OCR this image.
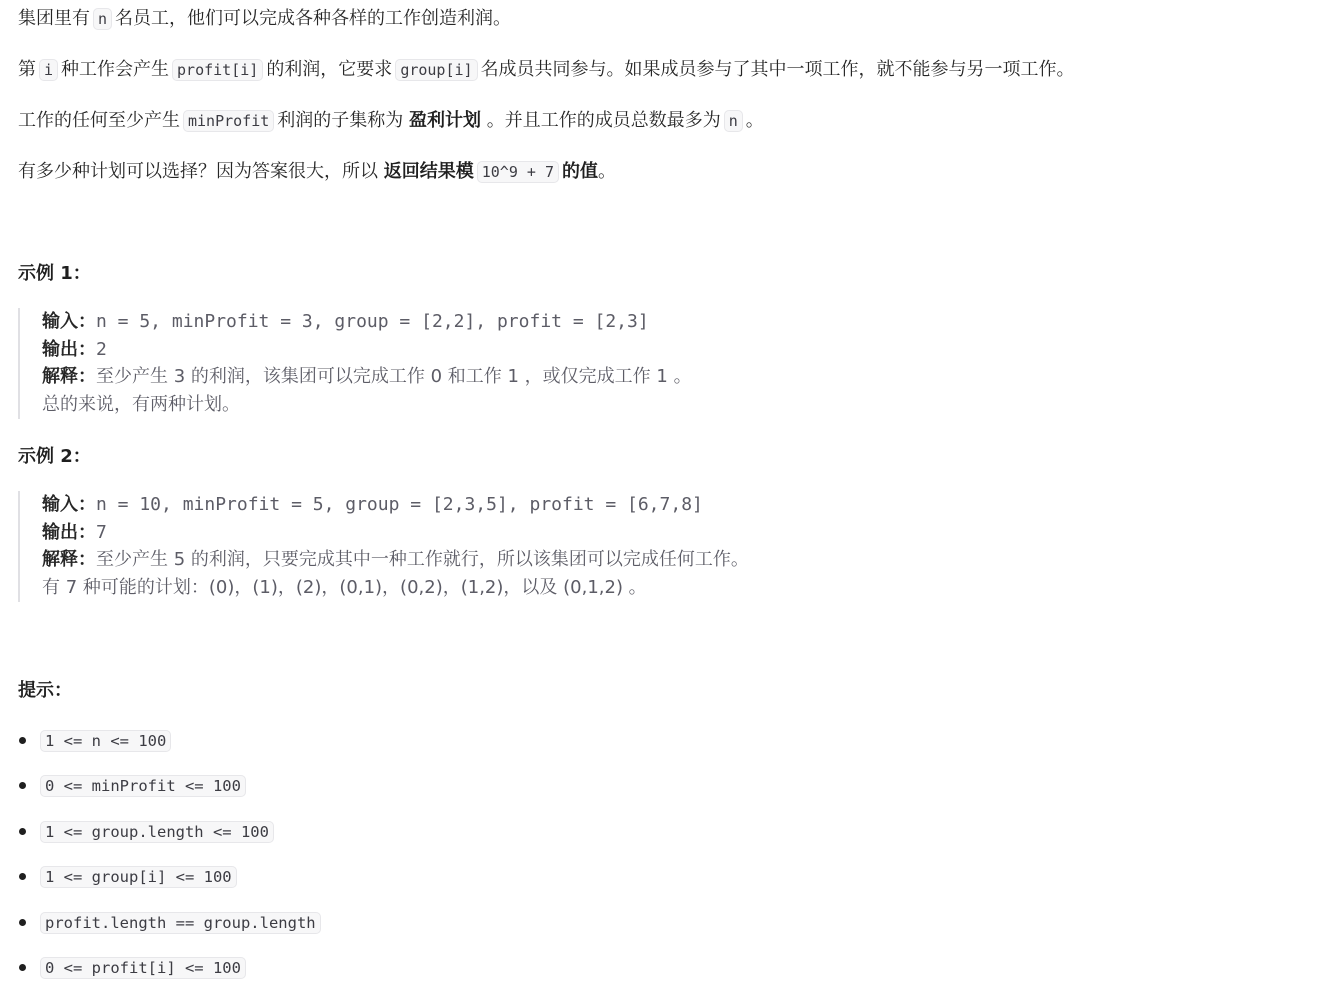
集团里有 n 名员工，他们可以完成各种各样的工作创造利润。
第 i 种工作会产生 profit[i] 的利润，它要求 group[i] 名成员共同参与。如果成员参与了其中一项工作，就不能参与另一项工作。
工作的任何至少产生 minProfit 利润的子集称为 盈利计划 。并且工作的成员总数最多为 n 。
有多少种计划可以选择？因为答案很大，所以 返回结果模 10^9 + 7 的值。
示例 1：
输入：n = 5, minProfit = 3, group = [2,2], profit = [2,3]
输出：2
解释：至少产生 3 的利润，该集团可以完成工作 0 和工作 1 ，或仅完成工作 1 。
总的来说，有两种计划。
示例 2：
输入：n = 10, minProfit = 5, group = [2,3,5], profit = [6,7,8]
输出：7
解释：至少产生 5 的利润，只要完成其中一种工作就行，所以该集团可以完成任何工作。
有 7 种可能的计划：(0)，(1)，(2)，(0,1)，(0,2)，(1,2)，以及 (0,1,2) 。
提示：
1 <= n <= 100
0 <= minProfit <= 100
1 <= group.length <= 100
1 <= group[i] <= 100
profit.length == group.length
0 <= profit[i] <= 100
